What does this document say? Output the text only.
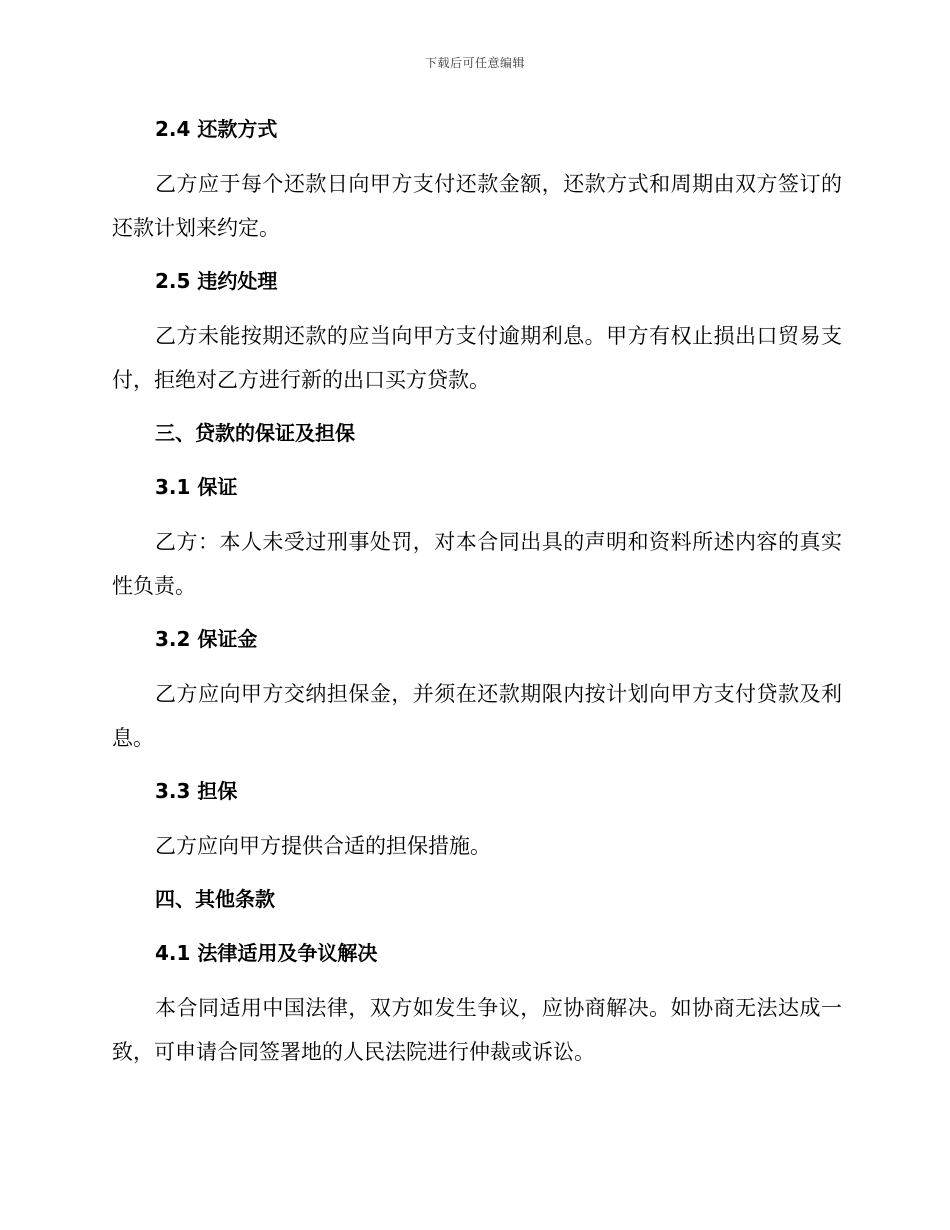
下载后可任意编辑
2.4 还款方式
乙方应于每个还款日向甲方支付还款金额，还款方式和周期由双方签订的还款计划来约定。
2.5 违约处理
乙方未能按期还款的应当向甲方支付逾期利息。甲方有权止损出口贸易支付，拒绝对乙方进行新的出口买方贷款。
三、贷款的保证及担保
3.1 保证
乙方：本人未受过刑事处罚，对本合同出具的声明和资料所述内容的真实性负责。
3.2 保证金
乙方应向甲方交纳担保金，并须在还款期限内按计划向甲方支付贷款及利息。
3.3 担保
乙方应向甲方提供合适的担保措施。
四、其他条款
4.1 法律适用及争议解决
本合同适用中国法律，双方如发生争议，应协商解决。如协商无法达成一致，可申请合同签署地的人民法院进行仲裁或诉讼。
